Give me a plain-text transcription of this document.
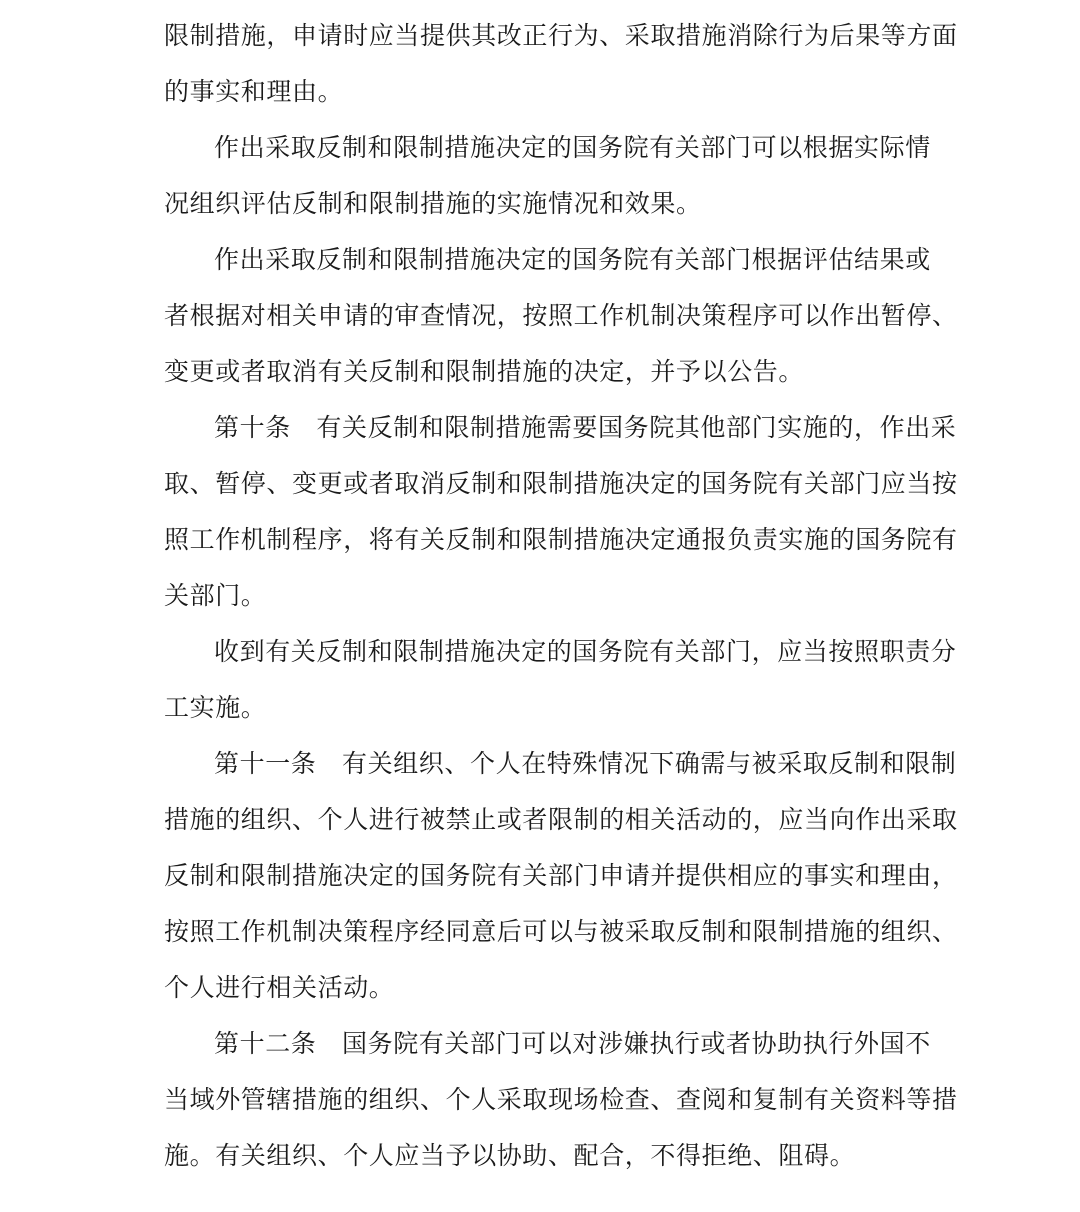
限制措施，申请时应当提供其改正行为、采取措施消除行为后果等方面
的事实和理由。
作出采取反制和限制措施决定的国务院有关部门可以根据实际情
况组织评估反制和限制措施的实施情况和效果。
作出采取反制和限制措施决定的国务院有关部门根据评估结果或
者根据对相关申请的审查情况，按照工作机制决策程序可以作出暂停、
变更或者取消有关反制和限制措施的决定，并予以公告。
第十条　有关反制和限制措施需要国务院其他部门实施的，作出采
取、暂停、变更或者取消反制和限制措施决定的国务院有关部门应当按
照工作机制程序，将有关反制和限制措施决定通报负责实施的国务院有
关部门。
收到有关反制和限制措施决定的国务院有关部门，应当按照职责分
工实施。
第十一条　有关组织、个人在特殊情况下确需与被采取反制和限制
措施的组织、个人进行被禁止或者限制的相关活动的，应当向作出采取
反制和限制措施决定的国务院有关部门申请并提供相应的事实和理由，
按照工作机制决策程序经同意后可以与被采取反制和限制措施的组织、
个人进行相关活动。
第十二条　国务院有关部门可以对涉嫌执行或者协助执行外国不
当域外管辖措施的组织、个人采取现场检查、查阅和复制有关资料等措
施。有关组织、个人应当予以协助、配合，不得拒绝、阻碍。
